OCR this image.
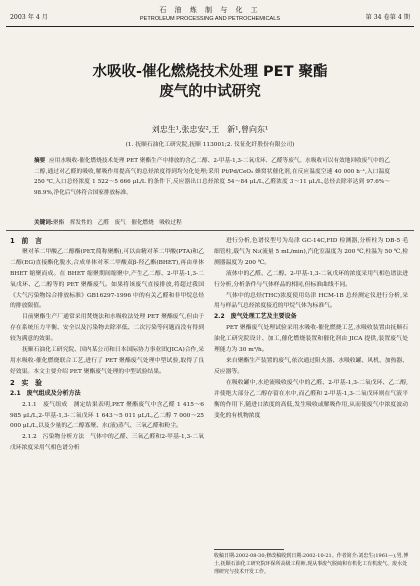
2003 年 4 月
石 油 炼 制 与 化 工
PETROLEUM PROCESSING AND PETROCHEMICALS	第 34 卷第 4 期
水吸收-催化燃烧技术处理 PET 聚酯
废气的中试研究
刘忠生¹,张忠安²,王　新¹,曾向东¹
(1. 抚顺石油化工研究院,抚顺 113001;2. 仪征化纤股份有限公司)
摘要 应用水吸收-催化燃烧技术处理 PET 聚酯生产中排放的含乙二醇、2-甲基-1,3-二氧戊环、乙醛等废气。水吸收可以有效地回收废气中的乙二醇,通过对乙醛的吸收,解吸作用提高气的总烃浓度得到均匀化处理;采用 Pt/Pd/CeO₂ 蜂窝状催化剂,在反应温度空速 40 000 h⁻¹,入口温度 250 ℃,入口总烃浓度 1 522～5 666 μL/L 的条件下,反应器出口总烃浓度 54～84 μL/L,乙醛浓度 3～11 μL/L,总烃去除率达到 97.6%～98.9%,净化后气体符合国家排放标准。
关键词:聚酯　挥发性的　乙醛　废气　催化燃烧　吸收过程

1　前　言

聚对苯二甲酸乙二醇酯(PET,简称聚酯),可以由精对苯二甲酸(PTA)和乙二醇(EG)直接酯化脱水,合成单体对苯二甲酸双β-羟乙酯(BHET),再由单体 BHET 缩聚而成。在 BHET 缩聚期间缩聚中,产生乙二醇、2-甲基-1,3-二氧戊环、乙二醇等的 PET 聚酯废气。如果将该废气直接排放,将超过我国《大气污染物综合排放标准》GB16297-1996 中的有关乙醛和非甲烷总烃的排放限值。

目前聚酯生产厂通常采用焚烧法和水吸收法处理 PET 聚酯废气,但由于存在系统压力平衡、安全以及污染物去除率低、二次污染等问题而没有得到较为满意的效果。

抚顺石油化工研究院、国内某公司和日本国际协力事业团(JICA)合作,采用水吸收-催化燃烧联合工艺,进行了 PET 聚酯废气处理中型试验,取得了良好效果。本文主要介绍 PET 聚酯废气处理的中型试验结果。

2　实　验

2.1　废气组成及分析方法

2.1.1　废气组成　测定结果表明,PET 聚酯废气中含乙醛 1 415～6 985 μL/L,2-甲基-1,3-二氧戊环 1 643～5 011 μL/L,乙二醇 7 000～25 000 μL/L,以及少量的乙二醇寡聚、水(液)蒸气、三氧乙醛和粉尘。

2.1.2　污染物分析方法　气体中的乙醛、三氧乙醛和2-甲基-1,3-二氧戊环浓度采用气相色谱分析

进行分析,色谱仪型号为岛津 GC-14C,FID 检测器,分析柱为 DB-5 毛细管柱,载气为 N₂(流量 5 mL/min),汽化室温度为 200 ℃,柱温为 50 ℃,检测器温度为 200 ℃。

液体中的乙醛、乙二醇、2-甲基-1,3-二氧戊环的浓度采用气相色谱法进行分析,分析条件与气体样品的相同,但标准曲线不同。

气体中的总烃(THC)浓度使用岛津 HCM-1B 总烃测定仪进行分析,采用与样品气总烃浓度接近的甲烷气体为标准气。

2.2　废气处理工艺及主要设备

PET 聚酯废气处理试验采用水吸收-催化燃烧工艺,水吸收装置由抚顺石油化工研究院设计、加工,催化燃烧装置和催化剂由 JICA 提供,装置废气处理能力为 30 m³/h。

来自聚酯生产装置的废气,依次通过阻火器、水吸收罐、风机、加热器、反应器等。

在吸收罐中,水逆流吸收废气中的乙醛、2-甲基-1,3-二氧戊环、乙二醇,并使绝大部分乙二醇存留在水中,而乙醛和 2-甲基-1,3-二氧戊环则在气液平衡的作用下,随进口浓度的高低,发生吸收或解吸作用,从而使废气中浓度波动变化的有机物浓度

收稿日期:2002-08-30;修改稿收到日期:2002-10-21。作者简介:刘忠生(1961—),男,博士,抚顺石油化工研究院环保所高级工程师,现从事废气脱硫和有机化工有机废气、废水处理研究与技术开发工作。
